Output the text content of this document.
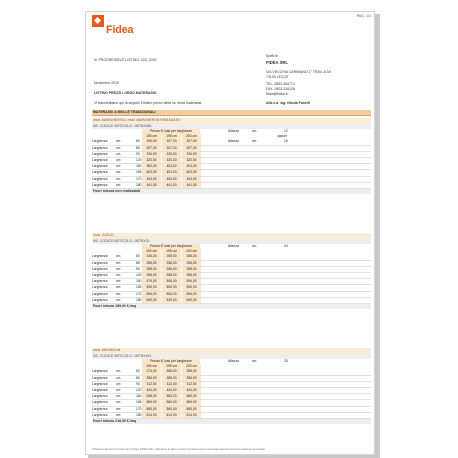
PAG. 1/1
Fidea
Spett.le
FIDEA SRL
VIA VECCHIA CARMIANO 1° TRAV. A DX
73100 LECCE
TEL. 0832.354774
FAX. 0832.226126
fidea@fidea.it
Alla c.a. sig. Nicola Fanelli
N. PROGRESSIVO LISTINO: 023_2015
Novembre 2015
LISTINO PREZZI LORDO MATERASSI
Vi trasmettiamo qui di seguito il listino prezzi della ns. linea materassi:
MATERASSI A MOLLE TRADIZIONALI
mod. MARGHERITA / mod. MARGHERITA RIBASSATO
NS. CODICE ARTICOLO: 1MTBXMM
Prezzo € /cad per lunghezze	Altezza	cm	22
190 cm	195 cm	200 cm	oppure
Larghezza	cm	80	196,00	207,00	207,00	Altezza	cm	16
Larghezza	cm	85	207,00	207,00	207,00
Larghezza	cm	90	226,00	226,00	226,00
Larghezza	cm	120	320,00	320,00	320,00
Larghezza	cm	160	382,00	403,00	403,00
Larghezza	cm	165	403,00	403,00	403,00
Larghezza	cm	170	403,00	403,00	403,00
Larghezza	cm	180	441,00	441,00	441,00
Fuori misura non realizzabili
mod. GIGLIO
NS. CODICE ARTICOLO: 1MTBXGL
Prezzo € /cad per lunghezze	Altezza	cm	24
190 cm	195 cm	200 cm
Larghezza	cm	80	245,00	258,00	258,00
Larghezza	cm	85	258,00	258,00	258,00
Larghezza	cm	90	258,00	258,00	258,00
Larghezza	cm	120	398,00	398,00	398,00
Larghezza	cm	160	479,00	506,00	506,00
Larghezza	cm	165	506,00	506,00	506,00
Larghezza	cm	170	506,00	506,00	506,00
Larghezza	cm	180	549,00	549,00	549,00
Fuori misura 189,00 €./mq
mod. MAGNOLIA
NS. CODICE ARTICOLO: 1MTBXMG
Prezzo € /cad per lunghezze	Altezza	cm	25
190 cm	195 cm	200 cm
Larghezza	cm	80	274,00	288,00	288,00
Larghezza	cm	85	288,00	288,00	288,00
Larghezza	cm	90	312,00	312,00	312,00
Larghezza	cm	120	444,00	444,00	444,00
Larghezza	cm	160	538,00	565,00	565,00
Larghezza	cm	165	565,00	565,00	565,00
Larghezza	cm	170	565,00	565,00	565,00
Larghezza	cm	180	614,00	614,00	614,00
Fuori misura 216,00 €./mq
Tolleranze dei prezzi a listino per il Fidea: FIDEA-SRL, indicazioni in fatto e servizio di fattura Lecce. Eventuali variazioni di prezzo saranno comunicate.
